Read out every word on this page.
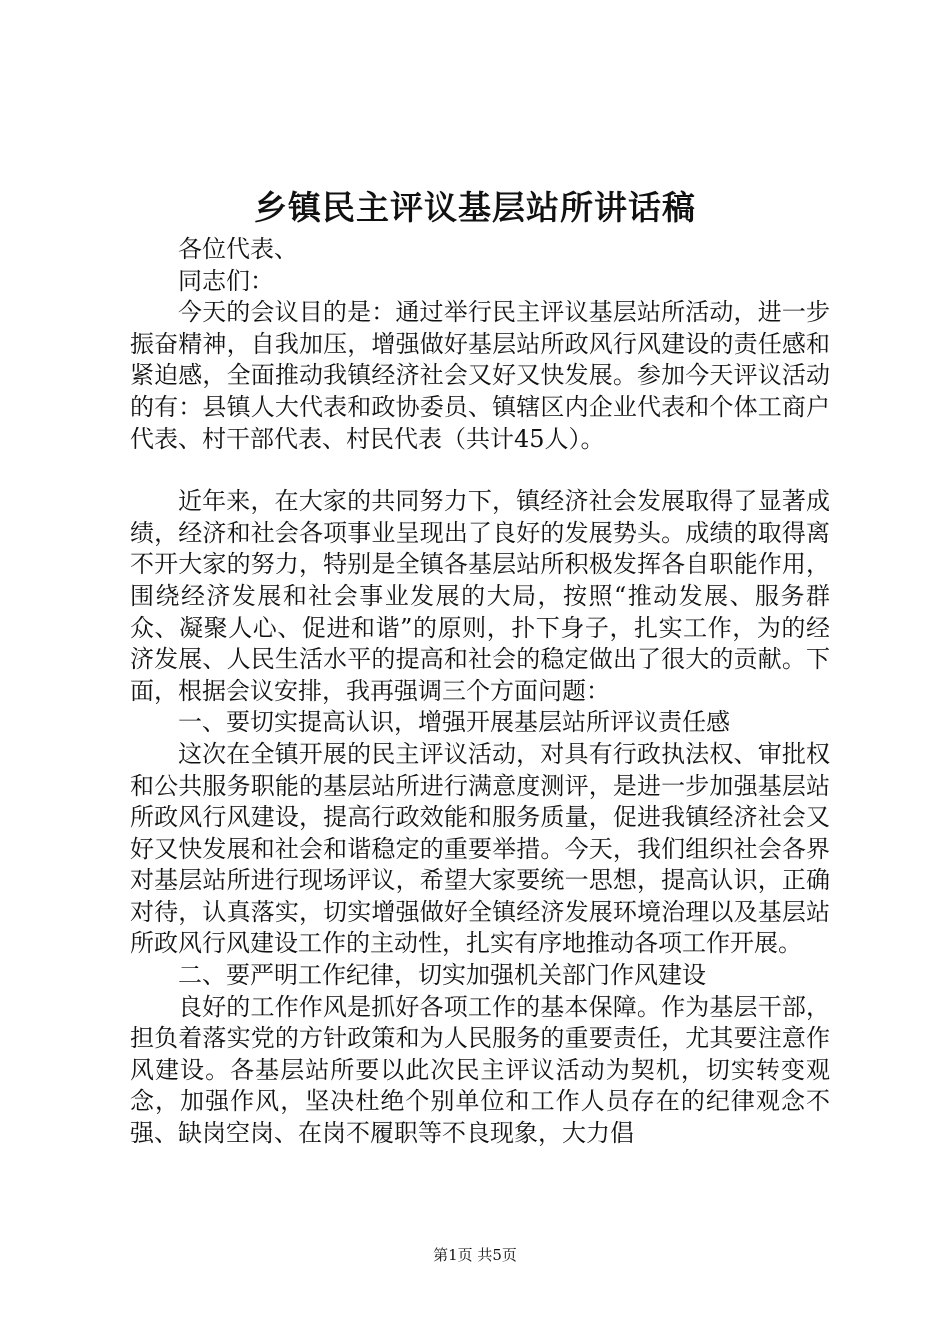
乡镇民主评议基层站所讲话稿

各位代表、

同志们：

今天的会议目的是：通过举行民主评议基层站所活动，进一步振奋精神，自我加压，增强做好基层站所政风行风建设的责任感和紧迫感，全面推动我镇经济社会又好又快发展。参加今天评议活动的有：县镇人大代表和政协委员、镇辖区内企业代表和个体工商户代表、村干部代表、村民代表（共计45人）。

近年来，在大家的共同努力下，镇经济社会发展取得了显著成绩，经济和社会各项事业呈现出了良好的发展势头。成绩的取得离不开大家的努力，特别是全镇各基层站所积极发挥各自职能作用，围绕经济发展和社会事业发展的大局，按照“推动发展、服务群众、凝聚人心、促进和谐”的原则，扑下身子，扎实工作，为的经济发展、人民生活水平的提高和社会的稳定做出了很大的贡献。下面，根据会议安排，我再强调三个方面问题：

一、要切实提高认识，增强开展基层站所评议责任感

这次在全镇开展的民主评议活动，对具有行政执法权、审批权和公共服务职能的基层站所进行满意度测评，是进一步加强基层站所政风行风建设，提高行政效能和服务质量，促进我镇经济社会又好又快发展和社会和谐稳定的重要举措。今天，我们组织社会各界对基层站所进行现场评议，希望大家要统一思想，提高认识，正确对待，认真落实，切实增强做好全镇经济发展环境治理以及基层站所政风行风建设工作的主动性，扎实有序地推动各项工作开展。

二、要严明工作纪律，切实加强机关部门作风建设

良好的工作作风是抓好各项工作的基本保障。作为基层干部，担负着落实党的方针政策和为人民服务的重要责任，尤其要注意作风建设。各基层站所要以此次民主评议活动为契机，切实转变观念，加强作风，坚决杜绝个别单位和工作人员存在的纪律观念不强、缺岗空岗、在岗不履职等不良现象，大力倡

第1页 共5页
